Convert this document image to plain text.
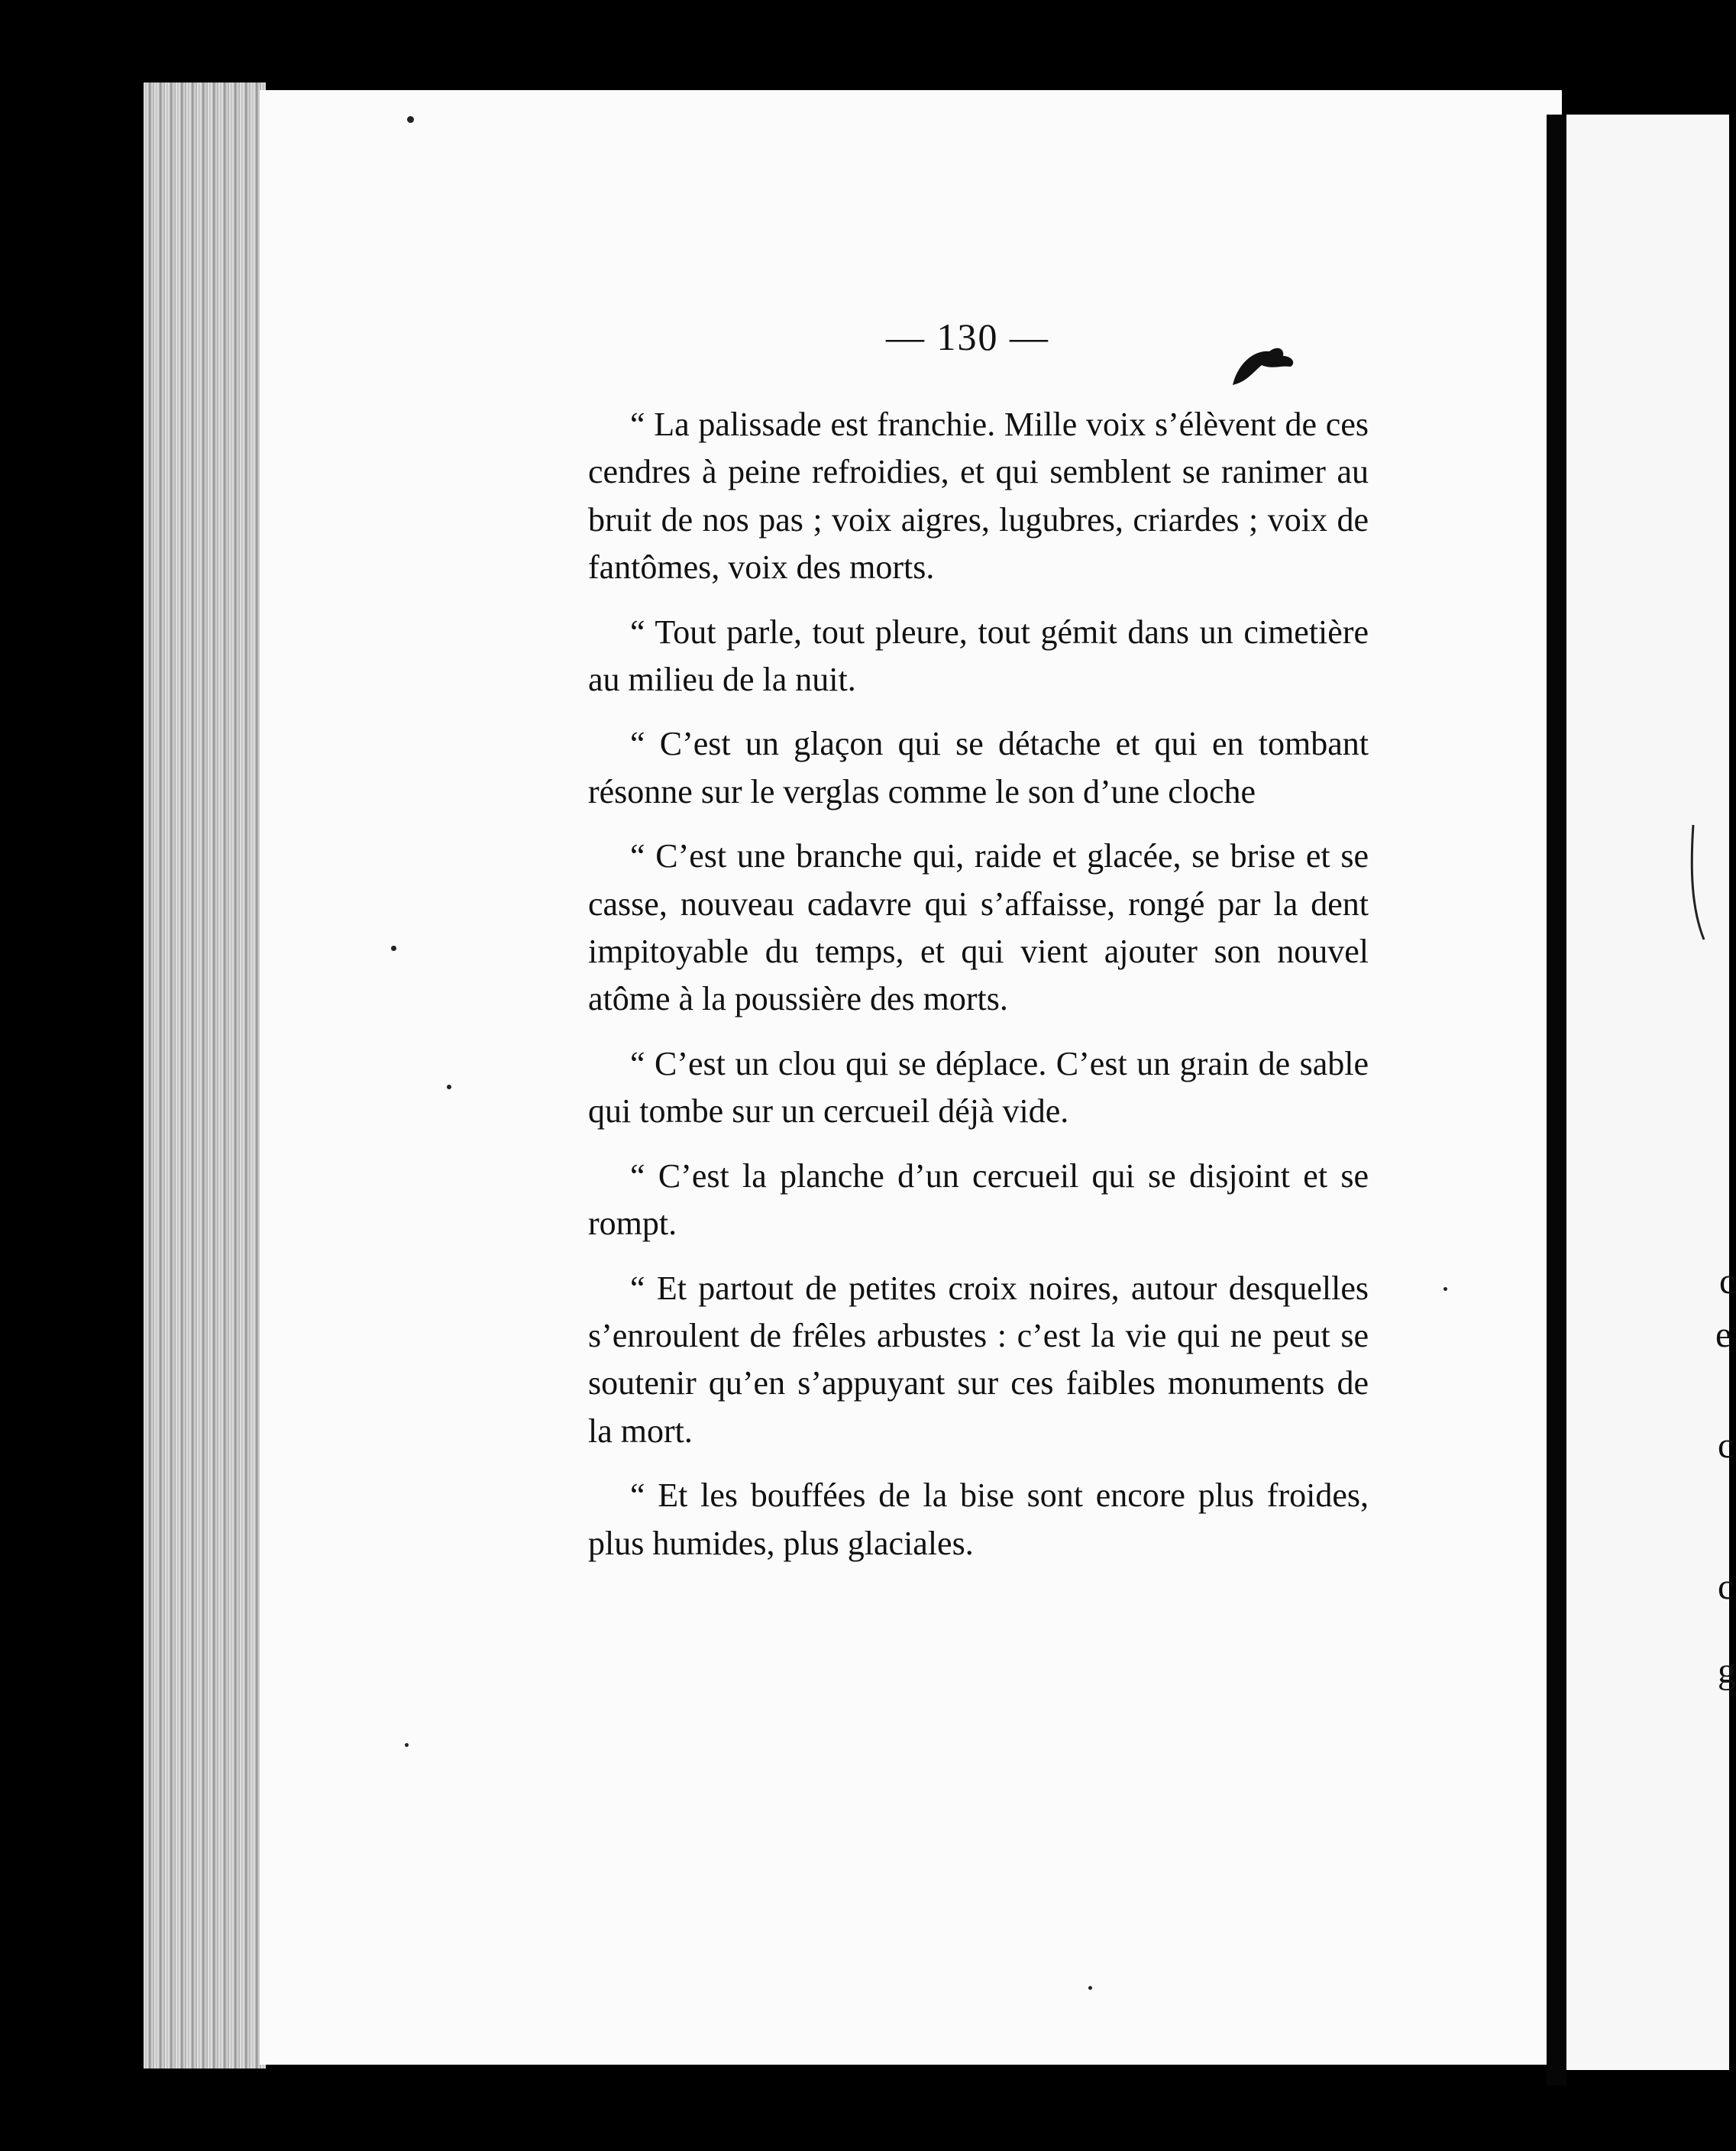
c
e
c
c
g
— 130 —

“ La palissade est franchie. Mille voix s’élèvent de ces cendres à peine refroidies, et qui semblent se ranimer au bruit de nos pas ; voix aigres, lugubres, criardes ; voix de fantômes, voix des morts.

“ Tout parle, tout pleure, tout gémit dans un cimetière au milieu de la nuit.

“ C’est un glaçon qui se détache et qui en tombant résonne sur le verglas comme le son d’une cloche

“ C’est une branche qui, raide et glacée, se brise et se casse, nouveau cadavre qui s’affaisse, rongé par la dent impitoyable du temps, et qui vient ajouter son nouvel atôme à la poussière des morts.

“ C’est un clou qui se déplace. C’est un grain de sable qui tombe sur un cercueil déjà vide.

“ C’est la planche d’un cercueil qui se disjoint et se rompt.

“ Et partout de petites croix noires, autour desquelles s’enroulent de frêles arbustes : c’est la vie qui ne peut se soutenir qu’en s’appuyant sur ces faibles monuments de la mort.

“ Et les bouffées de la bise sont encore plus froides, plus humides, plus glaciales.
